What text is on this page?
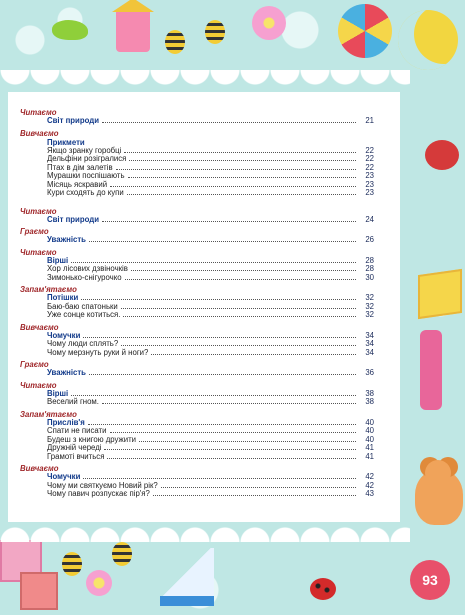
93
Читаємо
Світ природи	21
Вивчаємо
Прикмети
Якщо зранку горобці	22
Дельфіни розігралися	22
Птах в дім залетів	22
Мурашки поспішають	23
Місяць яскравий	23
Кури сходять до купи	23
Читаємо
Світ природи	24
Граємо
Уважність	26
Читаємо
Вірші	28
Хор лісових дзвіночків	28
Зимонько-снігурочко	30
Запам'ятаємо
Потішки	32
Баю-баю спатоньки	32
Уже сонце котиться.	32
Вивчаємо
Чомучки	34
Чому люди сплять?	34
Чому мерзнуть руки й ноги?	34
Граємо
Уважність	36
Читаємо
Вірші	38
Веселий гном.	38
Запам'ятаємо
Прислів'я	40
Спати не писати	40
Будеш з книгою дружити	40
Дружній череді	41
Грамоті вчиться	41
Вивчаємо
Чомучки	42
Чому ми святкуємо Новий рік?	42
Чому павич розпускає пір'я?	43
